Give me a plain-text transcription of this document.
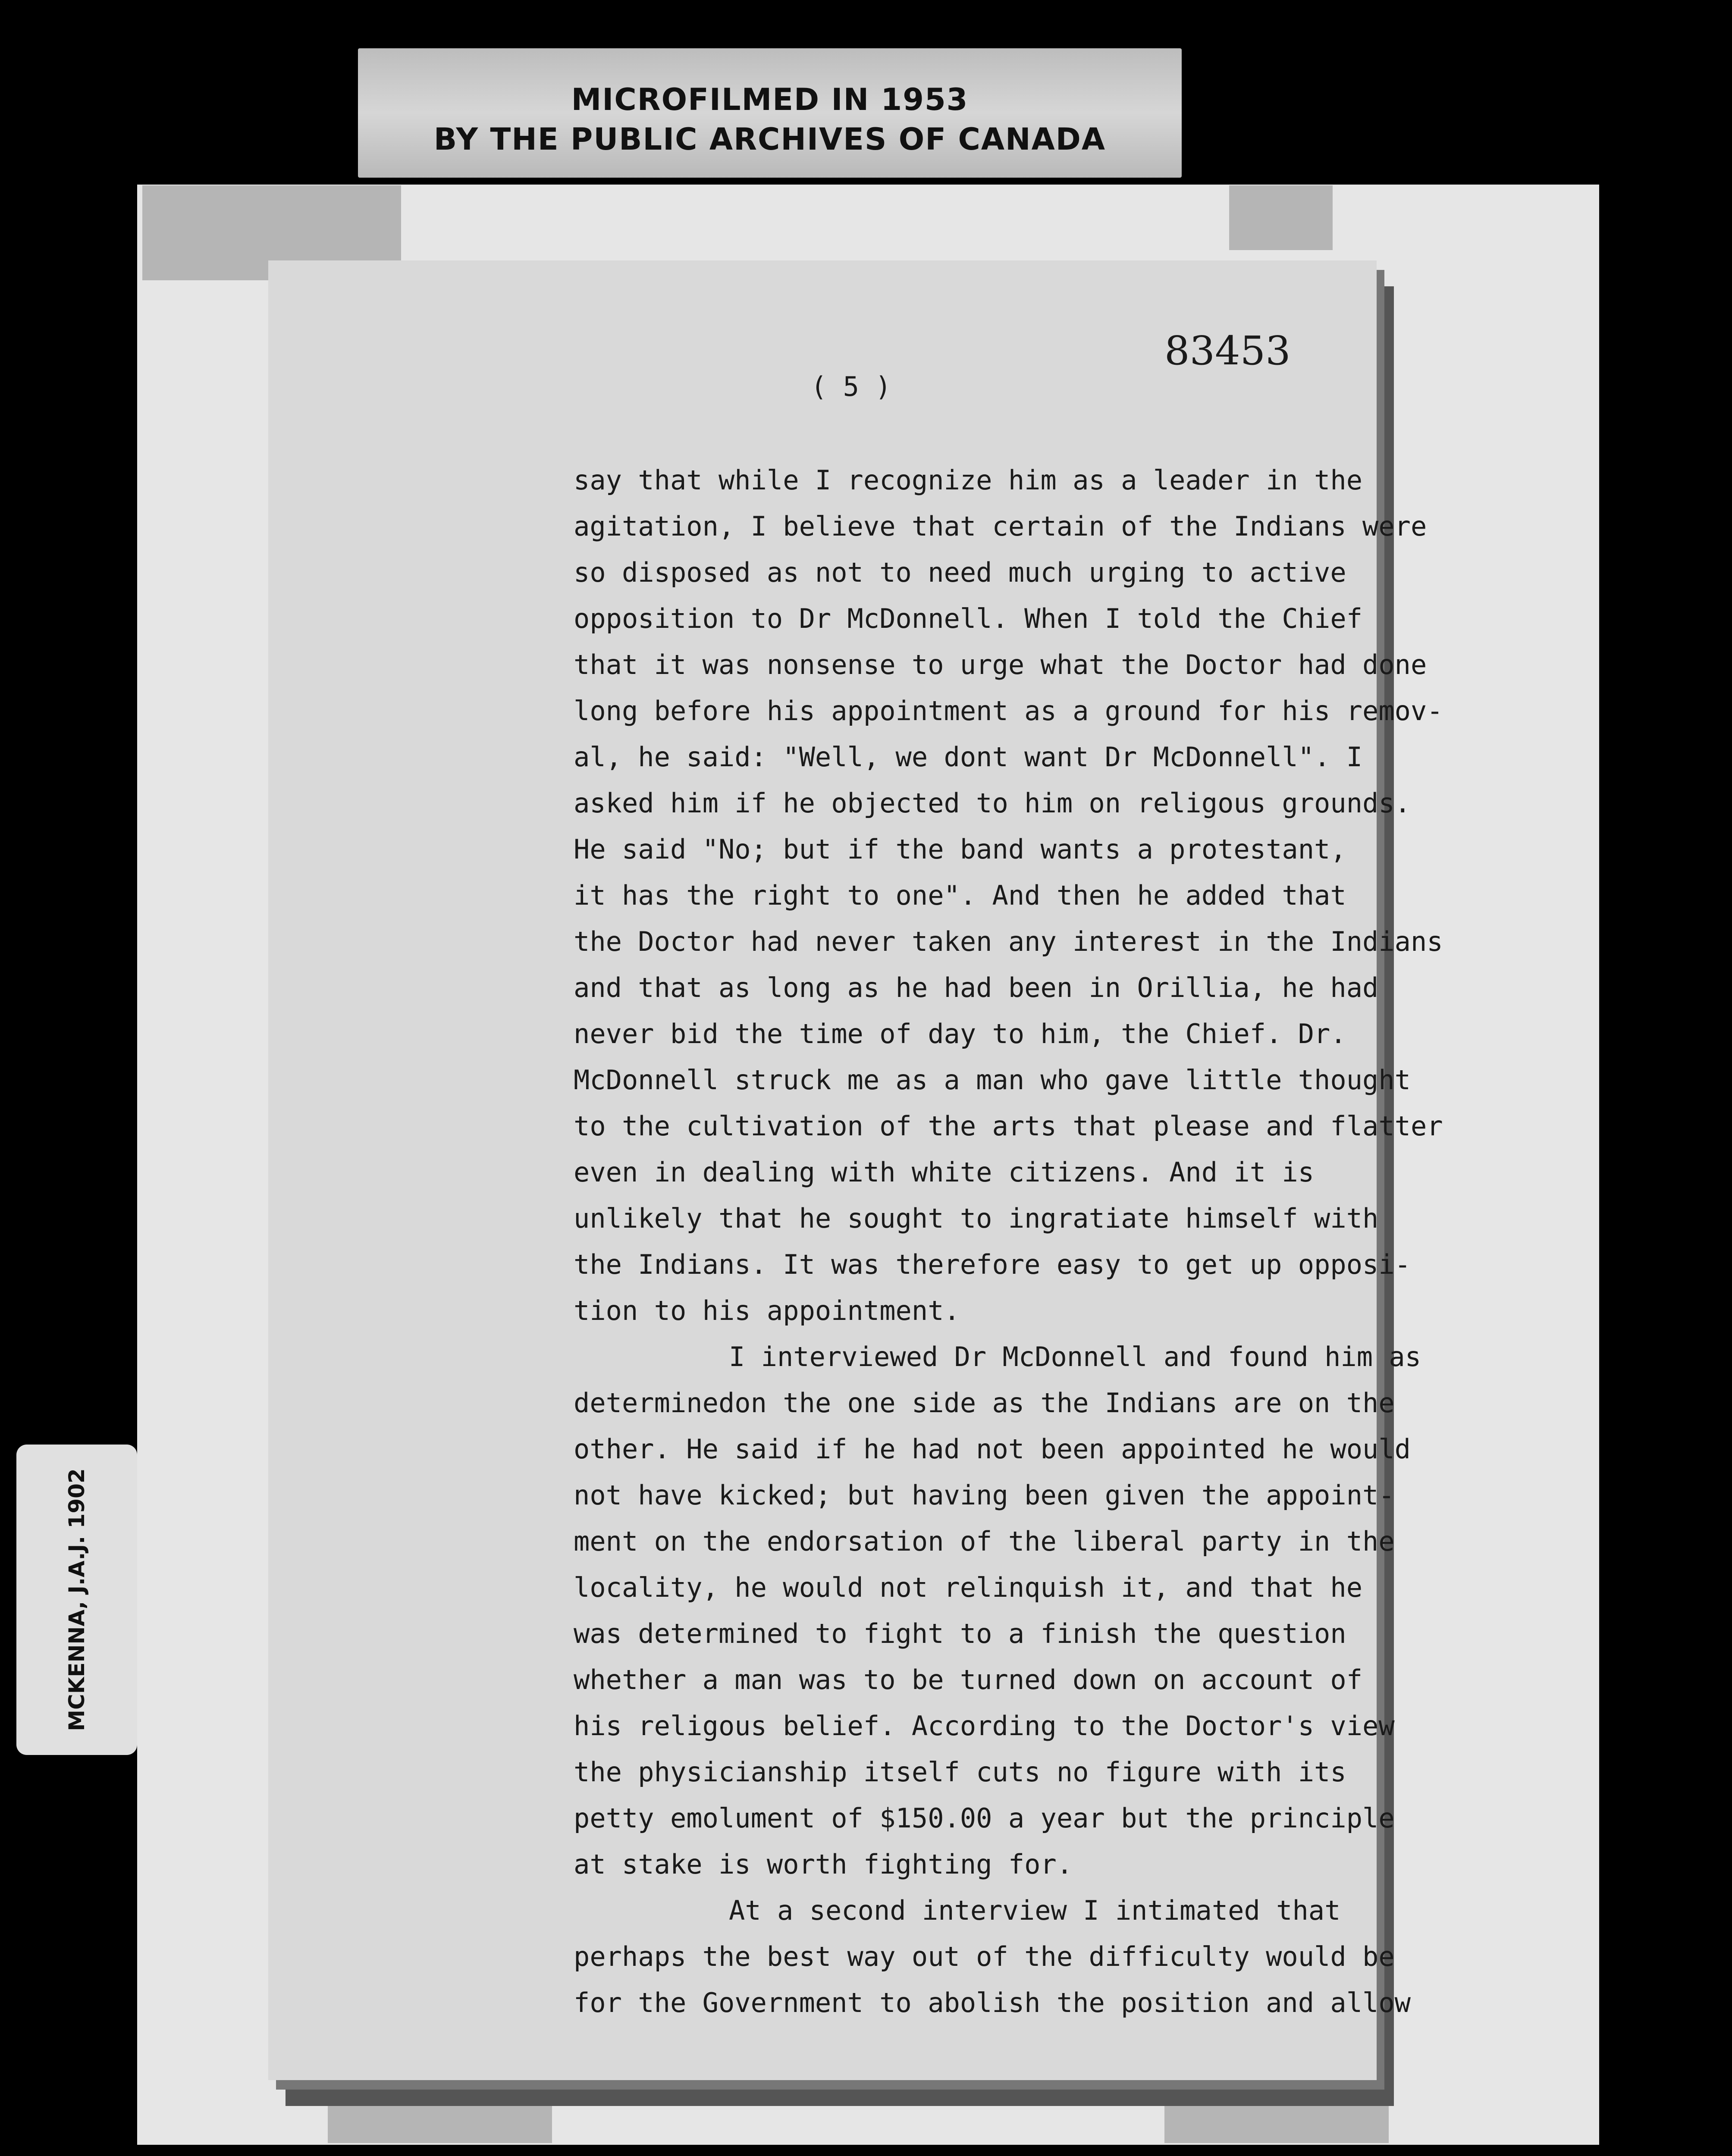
MICROFILMED IN 1953
BY THE PUBLIC ARCHIVES OF CANADA
83453
( 5 )
say that while I recognize him as a leader in the
agitation, I believe that certain of the Indians were
so disposed as not to need much urging to active
opposition to Dr McDonnell. When I told the Chief
that it was nonsense to urge what the Doctor had done
long before his appointment as a ground for his remov-
al, he said: "Well, we dont want Dr McDonnell". I
asked him if he objected to him on religous grounds.
He said "No; but if the band wants a protestant,
it has the right to one". And then he added that
the Doctor had never taken any interest in the Indians
and that as long as he had been in Orillia, he had
never bid the time of day to him, the Chief. Dr.
McDonnell struck me as a man who gave little thought
to the cultivation of the arts that please and flatter
even in dealing with white citizens. And it is
unlikely that he sought to ingratiate himself with
the Indians. It was therefore easy to get up opposi-
tion to his appointment.
I interviewed Dr McDonnell and found him as
determinedon the one side as the Indians are on the
other. He said if he had not been appointed he would
not have kicked; but having been given the appoint-
ment on the endorsation of the liberal party in the
locality, he would not relinquish it, and that he
was determined to fight to a finish the question
whether a man was to be turned down on account of
his religous belief. According to the Doctor's view
the physicianship itself cuts no figure with its
petty emolument of $150.00 a year but the principle
at stake is worth fighting for.
At a second interview I intimated that
perhaps the best way out of the difficulty would be
for the Government to abolish the position and allow
MCKENNA, J.A.J. 1902
